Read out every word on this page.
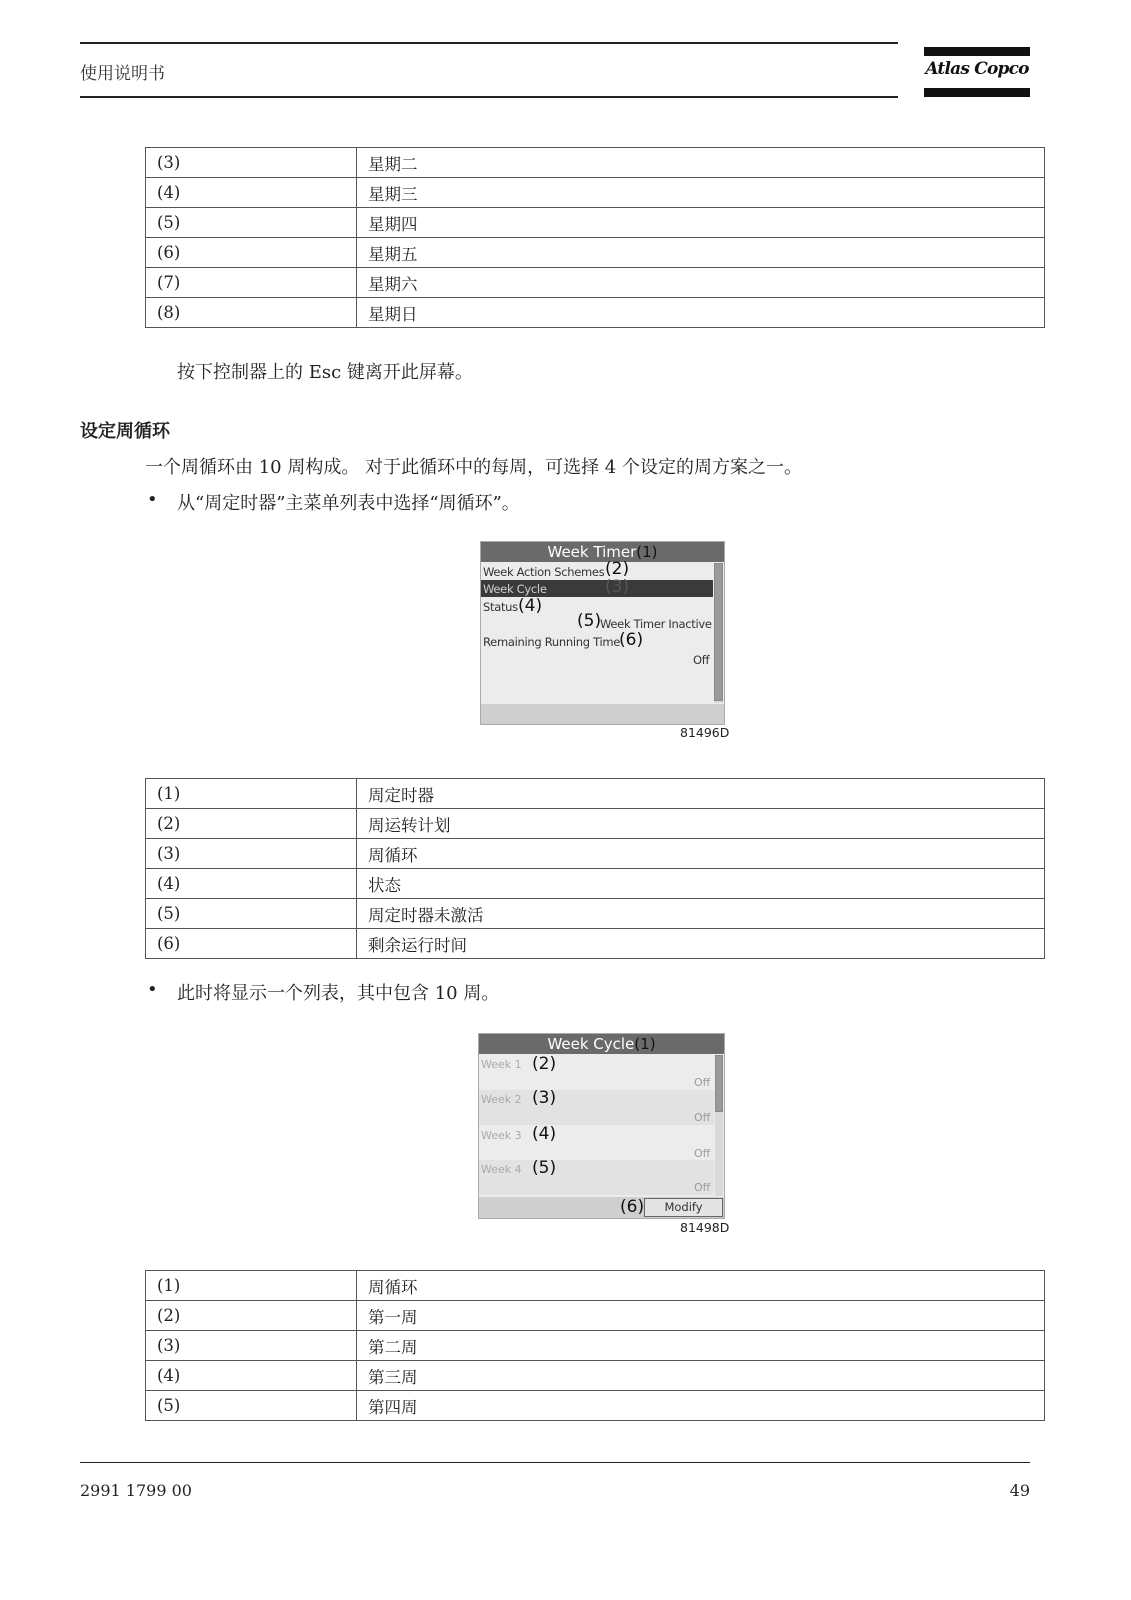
使用说明书	Atlas Copco
(3)	星期二
(4)	星期三
(5)	星期四
(6)	星期五
(7)	星期六
(8)	星期日
按下控制器上的 Esc 键离开此屏幕。
设定周循环
一个周循环由 10 周构成。 对于此循环中的每周，可选择 4 个设定的周方案之一。
• 从“周定时器”主菜单列表中选择“周循环”。
Week Timer(1)
Week Action Schemes (2)
Week Cycle	(3)
Status (4)
(5)
Week Timer Inactive
Remaining Running Time
(6)
Off
81496D
(1)	周定时器
(2)	周运转计划
(3)	周循环
(4)	状态
(5)	周定时器未激活
(6)	剩余运行时间
• 此时将显示一个列表，其中包含 10 周。
Week Cycle(1)
Week 1 (2)
Off
Week 2 (3)
Off
Week 3 (4)
Off
Week 4 (5)
Off
(6)	Modify
81498D
(1)	周循环
(2)	第一周
(3)	第二周
(4)	第三周
(5)	第四周
2991 1799 00	49
